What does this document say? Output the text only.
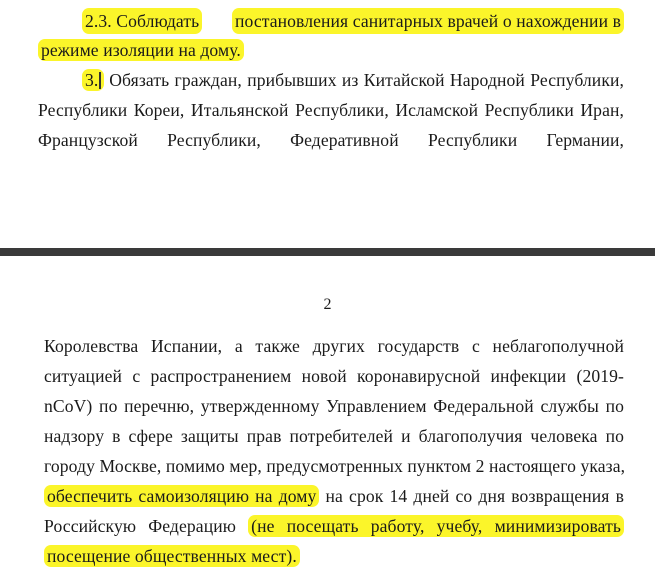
2.3. Соблюдать постановления санитарных врачей о нахождении в
режиме изоляции на дому.
3. Обязать граждан, прибывших из Китайской Народной Республики,
Республики Кореи, Итальянской Республики, Исламской Республики Иран,
Французской Республики, Федеративной Республики Германии,
2
Королевства Испании, а также других государств с неблагополучной
ситуацией с распространением новой коронавирусной инфекции (2019-
nCoV) по перечню, утвержденному Управлением Федеральной службы по
надзору в сфере защиты прав потребителей и благополучия человека по
городу Москве, помимо мер, предусмотренных пунктом 2 настоящего указа,
обеспечить самоизоляцию на дому на срок 14 дней со дня возвращения в
Российскую Федерацию (не посещать работу, учебу, минимизировать
посещение общественных мест).
